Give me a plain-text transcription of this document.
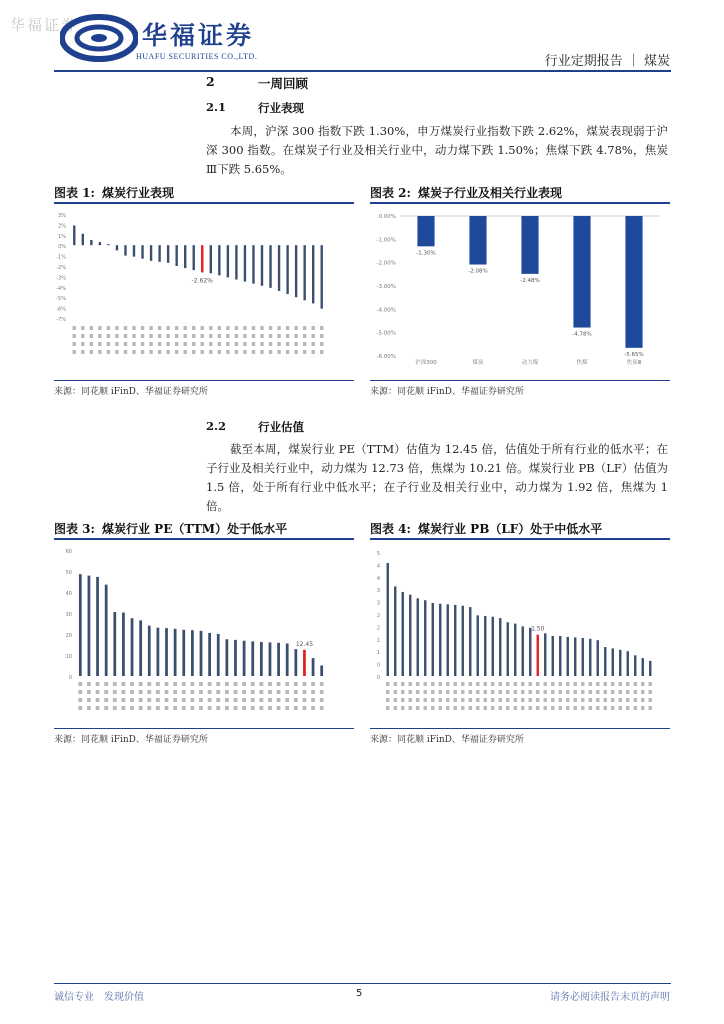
华福证券	华福证券
HUAFU SECURITIES CO.,LTD.	行业定期报告 ｜ 煤炭
2	一周回顾
2.1	行业表现
本周，沪深 300 指数下跌 1.30%，申万煤炭行业指数下跌 2.62%，煤炭表现弱于沪深 300 指数。在煤炭子行业及相关行业中，动力煤下跌 1.50%；焦煤下跌 4.78%，焦炭Ⅲ下跌 5.65%。
图表 1: 煤炭行业表现
3%
2%
1%
0%
-1%
-2%
-3%
-4%
-5%
-6%
-7%
-2.62%
来源：同花顺 iFinD、华福证券研究所
图表 2: 煤炭子行业及相关行业表现
0.00%
-1.00%
-2.00%
-3.00%
-4.00%
-5.00%
-6.00%
-1.30%
沪深300
-2.08%
煤炭
-2.48%
动力煤
-4.78%
焦煤
-5.65%
焦炭Ⅲ
来源：同花顺 iFinD、华福证券研究所
2.2	行业估值
截至本周，煤炭行业 PE（TTM）估值为 12.45 倍，估值处于所有行业的低水平；在子行业及相关行业中，动力煤为 12.73 倍，焦煤为 10.21 倍。煤炭行业 PB（LF）估值为 1.5 倍，处于所有行业中低水平；在子行业及相关行业中，动力煤为 1.92 倍，焦煤为 1 倍。
图表 3: 煤炭行业 PE（TTM）处于低水平
60
50
40
30
20
10
0
12.45
来源：同花顺 iFinD、华福证券研究所
图表 4: 煤炭行业 PB（LF）处于中低水平
5
4
4
3
3
2
2
1
1
0
0
1.50
来源：同花顺 iFinD、华福证券研究所
诚信专业　发现价值	5	请务必阅读报告末页的声明
